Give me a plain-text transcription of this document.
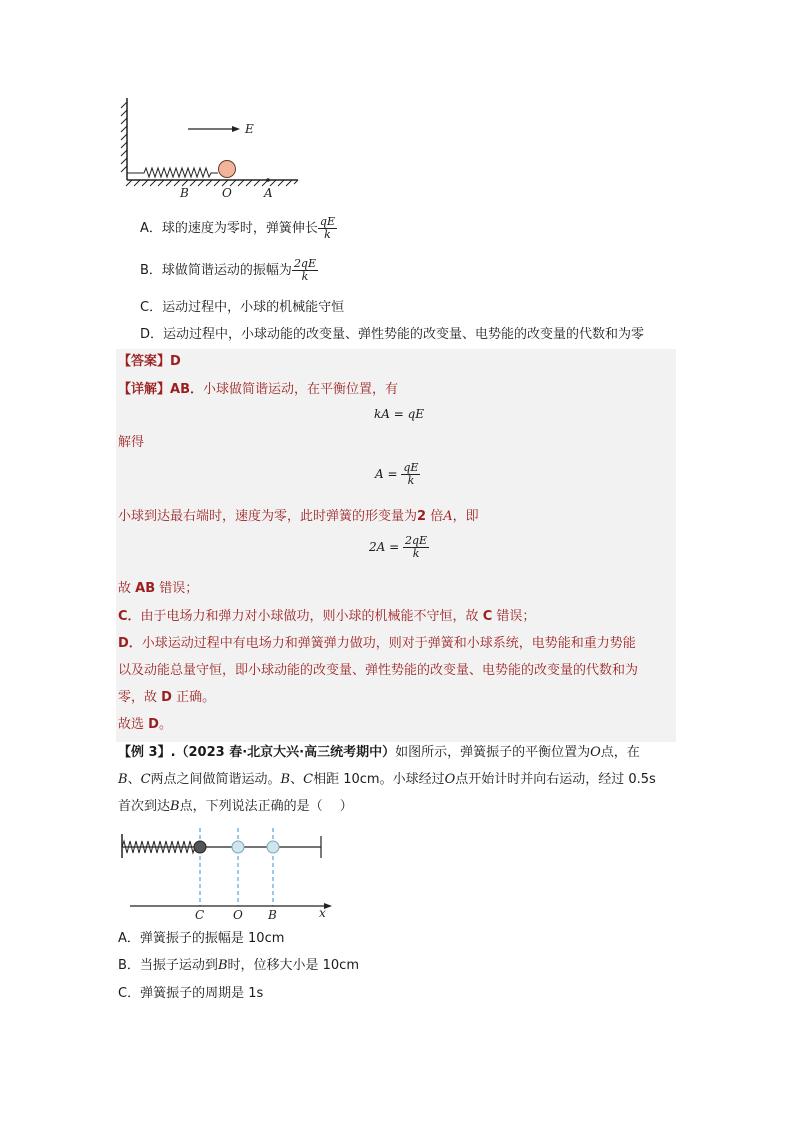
E
B	O	A
A．球的速度为零时，弹簧伸长 $\frac{qE}{k}$
B．球做简谐运动的振幅为 $\frac{2qE}{k}$
C．运动过程中，小球的机械能守恒
D．运动过程中，小球动能的改变量、弹性势能的改变量、电势能的改变量的代数和为零
【答案】D
【详解】AB．小球做简谐运动，在平衡位置，有
kA = qE
解得
$A = \frac{qE}{k}$
小球到达最右端时，速度为零，此时弹簧的形变量为2 倍A，即
$2A = \frac{2qE}{k}$
故 AB 错误；
C．由于电场力和弹力对小球做功，则小球的机械能不守恒，故 C 错误；
D．小球运动过程中有电场力和弹簧弹力做功，则对于弹簧和小球系统，电势能和重力势能
以及动能总量守恒，即小球动能的改变量、弹性势能的改变量、电势能的改变量的代数和为
零，故 D 正确。
故选 D。
【例 3】.（2023 春·北京大兴·高三统考期中）如图所示，弹簧振子的平衡位置为O点，在
B、C两点之间做简谐运动。B、C相距 10cm。小球经过O点开始计时并向右运动，经过 0.5s
首次到达B点，下列说法正确的是（　 ）
C O B	x
A．弹簧振子的振幅是 10cm
B．当振子运动到B时，位移大小是 10cm
C．弹簧振子的周期是 1s
